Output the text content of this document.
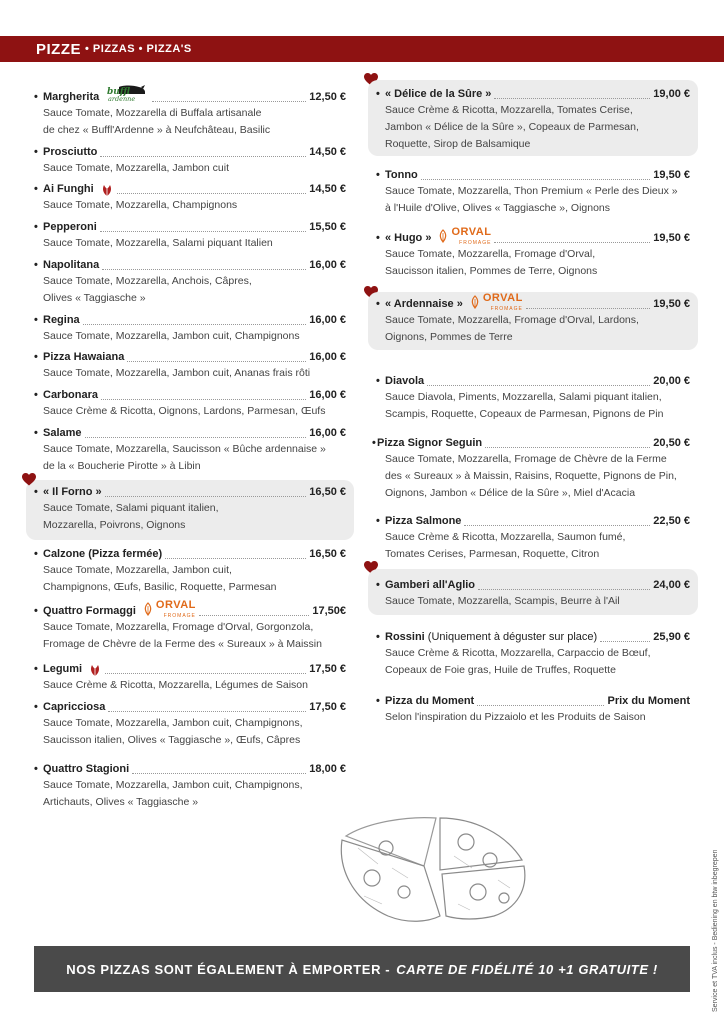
PIZZE • PIZZAS • PIZZA'S
• Margherita buffl
ardenne	12,50 €
Sauce Tomate, Mozzarella di Buffala artisanale
de chez « Buffl'Ardenne » à Neufchâteau, Basilic
• Prosciutto	14,50 €
Sauce Tomate, Mozzarella, Jambon cuit
• Ai Funghi	14,50 €
Sauce Tomate, Mozzarella, Champignons
• Pepperoni	15,50 €
Sauce Tomate, Mozzarella, Salami piquant Italien
• Napolitana	16,00 €
Sauce Tomate, Mozzarella, Anchois, Câpres,
Olives « Taggiasche »
• Regina	16,00 €
Sauce Tomate, Mozzarella, Jambon cuit, Champignons
• Pizza Hawaiana	16,00 €
Sauce Tomate, Mozzarella, Jambon cuit, Ananas frais rôti
• Carbonara	16,00 €
Sauce Crème & Ricotta, Oignons, Lardons, Parmesan, Œufs
• Salame	16,00 €
Sauce Tomate, Mozzarella, Saucisson « Bûche ardennaise »
de la « Boucherie Pirotte » à Libin
• « Il Forno »	16,50 €
Sauce Tomate, Salami piquant italien,
Mozzarella, Poivrons, Oignons
• Calzone (Pizza fermée)	16,50 €
Sauce Tomate, Mozzarella, Jambon cuit,
Champignons, Œufs, Basilic, Roquette, Parmesan
• Quattro Formaggi ORVAL
FROMAGE	17,50€
Sauce Tomate, Mozzarella, Fromage d'Orval, Gorgonzola,
Fromage de Chèvre de la Ferme des « Sureaux » à Maissin
• Legumi	17,50 €
Sauce Crème & Ricotta, Mozzarella, Légumes de Saison
• Capricciosa	17,50 €
Sauce Tomate, Mozzarella, Jambon cuit, Champignons,
Saucisson italien, Olives « Taggiasche », Œufs, Câpres
• Quattro Stagioni	18,00 €
Sauce Tomate, Mozzarella, Jambon cuit, Champignons,
Artichauts, Olives « Taggiasche »
• « Délice de la Sûre »	19,00 €
Sauce Crème & Ricotta, Mozzarella, Tomates Cerise,
Jambon « Délice de la Sûre », Copeaux de Parmesan,
Roquette, Sirop de Balsamique
• Tonno	19,50 €
Sauce Tomate, Mozzarella, Thon Premium « Perle des Dieux »
à l'Huile d'Olive, Olives « Taggiasche », Oignons
• « Hugo » ORVAL
FROMAGE	19,50 €
Sauce Tomate, Mozzarella, Fromage d'Orval,
Saucisson italien, Pommes de Terre, Oignons
• « Ardennaise » ORVAL
FROMAGE	19,50 €
Sauce Tomate, Mozzarella, Fromage d'Orval, Lardons,
Oignons, Pommes de Terre
• Diavola	20,00 €
Sauce Diavola, Piments, Mozzarella, Salami piquant italien,
Scampis, Roquette, Copeaux de Parmesan, Pignons de Pin
• Pizza Signor Seguin	20,50 €
Sauce Tomate, Mozzarella, Fromage de Chèvre de la Ferme
des « Sureaux » à Maissin, Raisins, Roquette, Pignons de Pin,
Oignons, Jambon « Délice de la Sûre », Miel d'Acacia
• Pizza Salmone	22,50 €
Sauce Crème & Ricotta, Mozzarella, Saumon fumé,
Tomates Cerises, Parmesan, Roquette, Citron
• Gamberi all'Aglio	24,00 €
Sauce Tomate, Mozzarella, Scampis, Beurre à l'Ail
• Rossini (Uniquement à déguster sur place)	25,90 €
Sauce Crème & Ricotta, Mozzarella, Carpaccio de Bœuf,
Copeaux de Foie gras, Huile de Truffes, Roquette
• Pizza du Moment	Prix du Moment
Selon l'inspiration du Pizzaiolo et les Produits de Saison
NOS PIZZAS SONT ÉGALEMENT À EMPORTER - CARTE DE FIDÉLITÉ 10 +1 GRATUITE !	Service et TVA inclus - Bediening en btw inbegrepen
